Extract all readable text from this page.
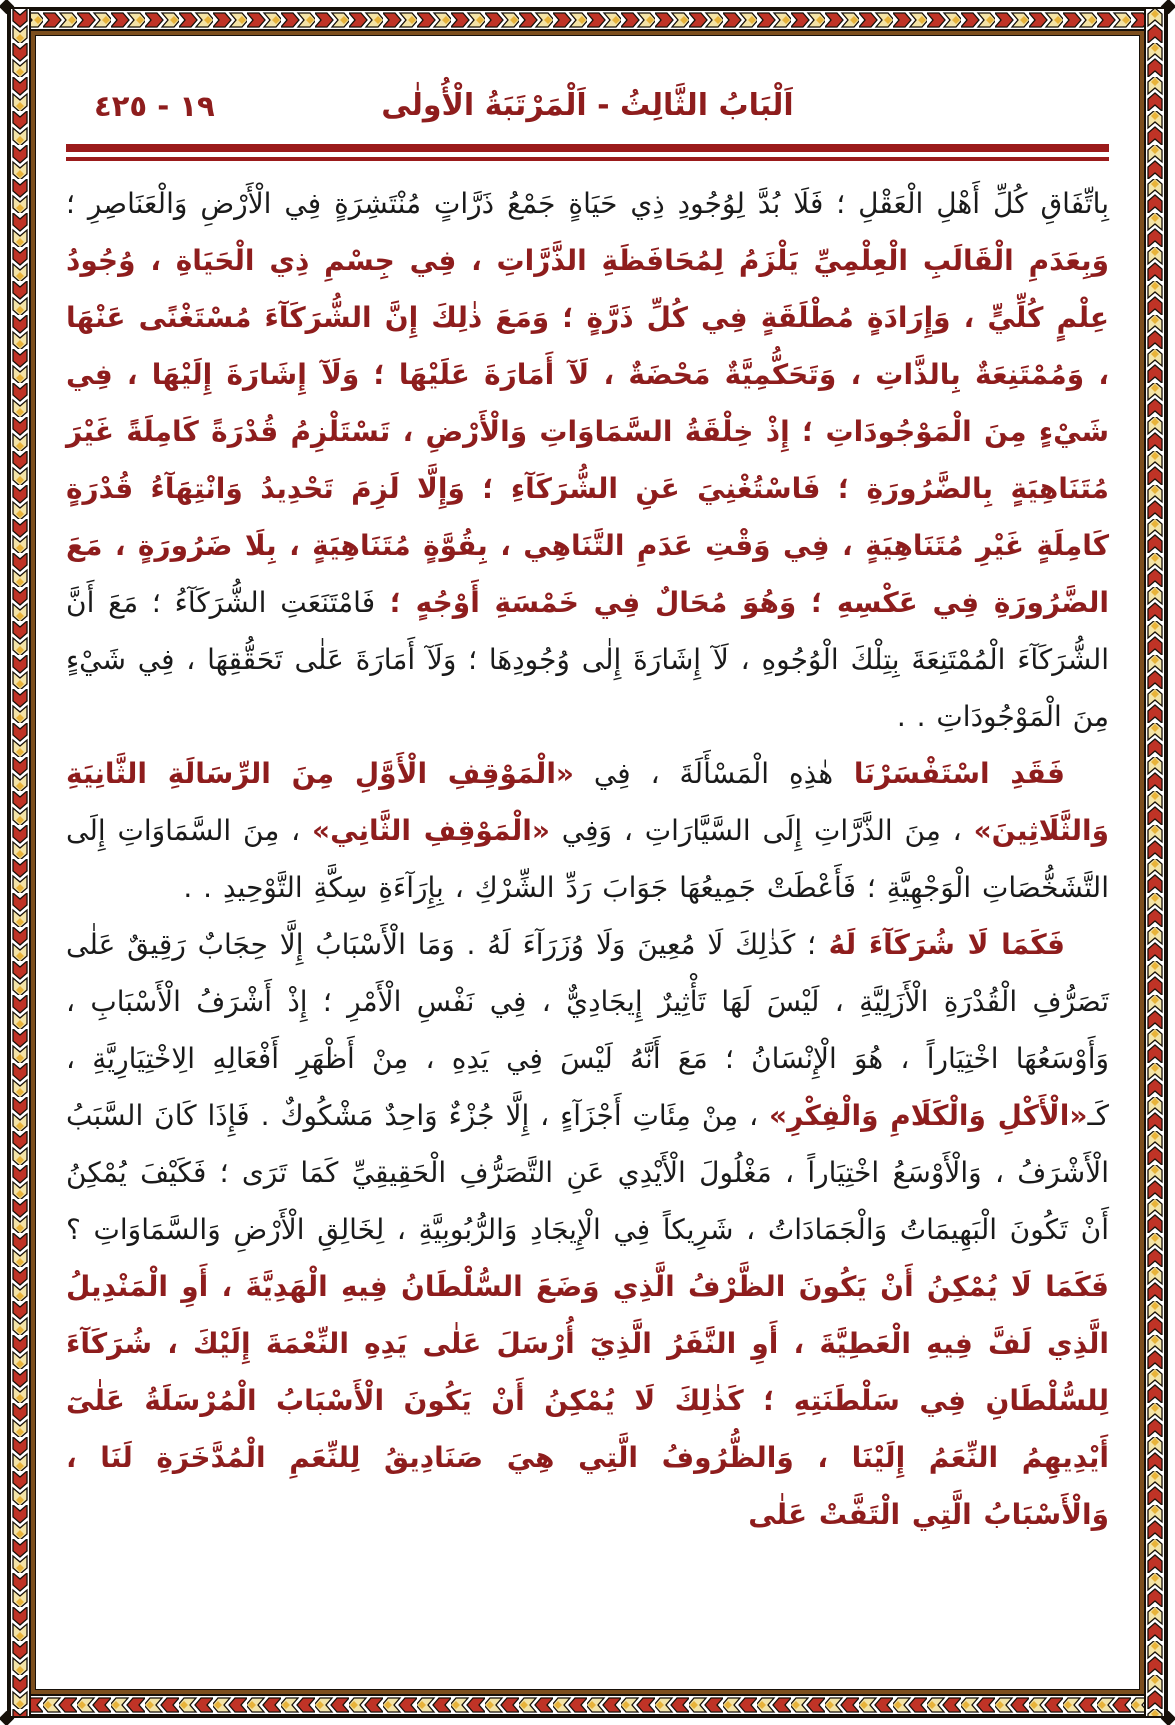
١٩ - ٤٢٥	اَلْبَابُ الثَّالِثُ - اَلْمَرْتَبَةُ الْأُولٰى

بِاتِّفَاقِ كُلِّ أَهْلِ الْعَقْلِ ؛ فَلَا بُدَّ لِوُجُودِ ذِي حَيَاةٍ جَمْعُ ذَرَّاتٍ مُنْتَشِرَةٍ فِي الْأَرْضِ وَالْعَنَاصِرِ ؛ وَبِعَدَمِ الْقَالَبِ الْعِلْمِيِّ يَلْزَمُ لِمُحَافَظَةِ الذَّرَّاتِ ، فِي جِسْمِ ذِي الْحَيَاةِ ، وُجُودُ عِلْمٍ كُلِّيٍّ ، وَإِرَادَةٍ مُطْلَقَةٍ فِي كُلِّ ذَرَّةٍ ؛ وَمَعَ ذٰلِكَ إِنَّ الشُّرَكَآءَ مُسْتَغْنًى عَنْهَا ، وَمُمْتَنِعَةٌ بِالذَّاتِ ، وَتَحَكُّمِيَّةٌ مَحْضَةٌ ، لَآ أَمَارَةَ عَلَيْهَا ؛ وَلَآ إِشَارَةَ إِلَيْهَا ، فِي شَيْءٍ مِنَ الْمَوْجُودَاتِ ؛ إِذْ خِلْقَةُ السَّمَاوَاتِ وَالْأَرْضِ ، تَسْتَلْزِمُ قُدْرَةً كَامِلَةً غَيْرَ مُتَنَاهِيَةٍ بِالضَّرُورَةِ ؛ فَاسْتُغْنِيَ عَنِ الشُّرَكَآءِ ؛ وَإِلَّا لَزِمَ تَحْدِيدُ وَانْتِهَآءُ قُدْرَةٍ كَامِلَةٍ غَيْرِ مُتَنَاهِيَةٍ ، فِي وَقْتِ عَدَمِ التَّنَاهِي ، بِقُوَّةٍ مُتَنَاهِيَةٍ ، بِلَا ضَرُورَةٍ ، مَعَ الضَّرُورَةِ فِي عَكْسِهِ ؛ وَهُوَ مُحَالٌ فِي خَمْسَةِ أَوْجُهٍ ؛ فَامْتَنَعَتِ الشُّرَكَآءُ ؛ مَعَ أَنَّ الشُّرَكَآءَ الْمُمْتَنِعَةَ بِتِلْكَ الْوُجُوهِ ، لَآ إِشَارَةَ إِلٰى وُجُودِهَا ؛ وَلَآ أَمَارَةَ عَلٰى تَحَقُّقِهَا ، فِي شَيْءٍ مِنَ الْمَوْجُودَاتِ . .

فَقَدِ اسْتَفْسَرْنَا هٰذِهِ الْمَسْأَلَةَ ، فِي «الْمَوْقِفِ الْأَوَّلِ مِنَ الرِّسَالَةِ الثَّانِيَةِ وَالثَّلَاثِينَ» ، مِنَ الذَّرَّاتِ إِلَى السَّيَّارَاتِ ، وَفِي «الْمَوْقِفِ الثَّانِي» ، مِنَ السَّمَاوَاتِ إِلَى التَّشَخُّصَاتِ الْوَجْهِيَّةِ ؛ فَأَعْطَتْ جَمِيعُهَا جَوَابَ رَدِّ الشِّرْكِ ، بِإِرَآءَةِ سِكَّةِ التَّوْحِيدِ . .

فَكَمَا لَا شُرَكَآءَ لَهُ ؛ كَذٰلِكَ لَا مُعِينَ وَلَا وُزَرَآءَ لَهُ . وَمَا الْأَسْبَابُ إِلَّا حِجَابٌ رَقِيقٌ عَلٰى تَصَرُّفِ الْقُدْرَةِ الْأَزَلِيَّةِ ، لَيْسَ لَهَا تَأْثِيرٌ إِيجَادِيٌّ ، فِي نَفْسِ الْأَمْرِ ؛ إِذْ أَشْرَفُ الْأَسْبَابِ ، وَأَوْسَعُهَا اخْتِيَاراً ، هُوَ الْإِنْسَانُ ؛ مَعَ أَنَّهُ لَيْسَ فِي يَدِهِ ، مِنْ أَظْهَرِ أَفْعَالِهِ الِاخْتِيَارِيَّةِ ، كَـ«الْأَكْلِ وَالْكَلَامِ وَالْفِكْرِ» ، مِنْ مِئَاتِ أَجْزَآءٍ ، إِلَّا جُزْءٌ وَاحِدٌ مَشْكُوكٌ . فَإِذَا كَانَ السَّبَبُ الْأَشْرَفُ ، وَالْأَوْسَعُ اخْتِيَاراً ، مَغْلُولَ الْأَيْدِي عَنِ التَّصَرُّفِ الْحَقِيقِيِّ كَمَا تَرَى ؛ فَكَيْفَ يُمْكِنُ أَنْ تَكُونَ الْبَهِيمَاتُ وَالْجَمَادَاتُ ، شَرِيكاً فِي الْإِيجَادِ وَالرُّبُوبِيَّةِ ، لِخَالِقِ الْأَرْضِ وَالسَّمَاوَاتِ ؟ فَكَمَا لَا يُمْكِنُ أَنْ يَكُونَ الظَّرْفُ الَّذِي وَضَعَ السُّلْطَانُ فِيهِ الْهَدِيَّةَ ، أَوِ الْمَنْدِيلُ الَّذِي لَفَّ فِيهِ الْعَطِيَّةَ ، أَوِ النَّفَرُ الَّذِيٓ أُرْسَلَ عَلٰى يَدِهِ النِّعْمَةَ إِلَيْكَ ، شُرَكَآءَ لِلسُّلْطَانِ فِي سَلْطَنَتِهِ ؛ كَذٰلِكَ لَا يُمْكِنُ أَنْ يَكُونَ الْأَسْبَابُ الْمُرْسَلَةُ عَلٰىٓ أَيْدِيهِمُ النِّعَمُ إِلَيْنَا ، وَالظُّرُوفُ الَّتِي هِيَ صَنَادِيقُ لِلنِّعَمِ الْمُدَّخَرَةِ لَنَا ، وَالْأَسْبَابُ الَّتِي الْتَفَّتْ عَلٰى
